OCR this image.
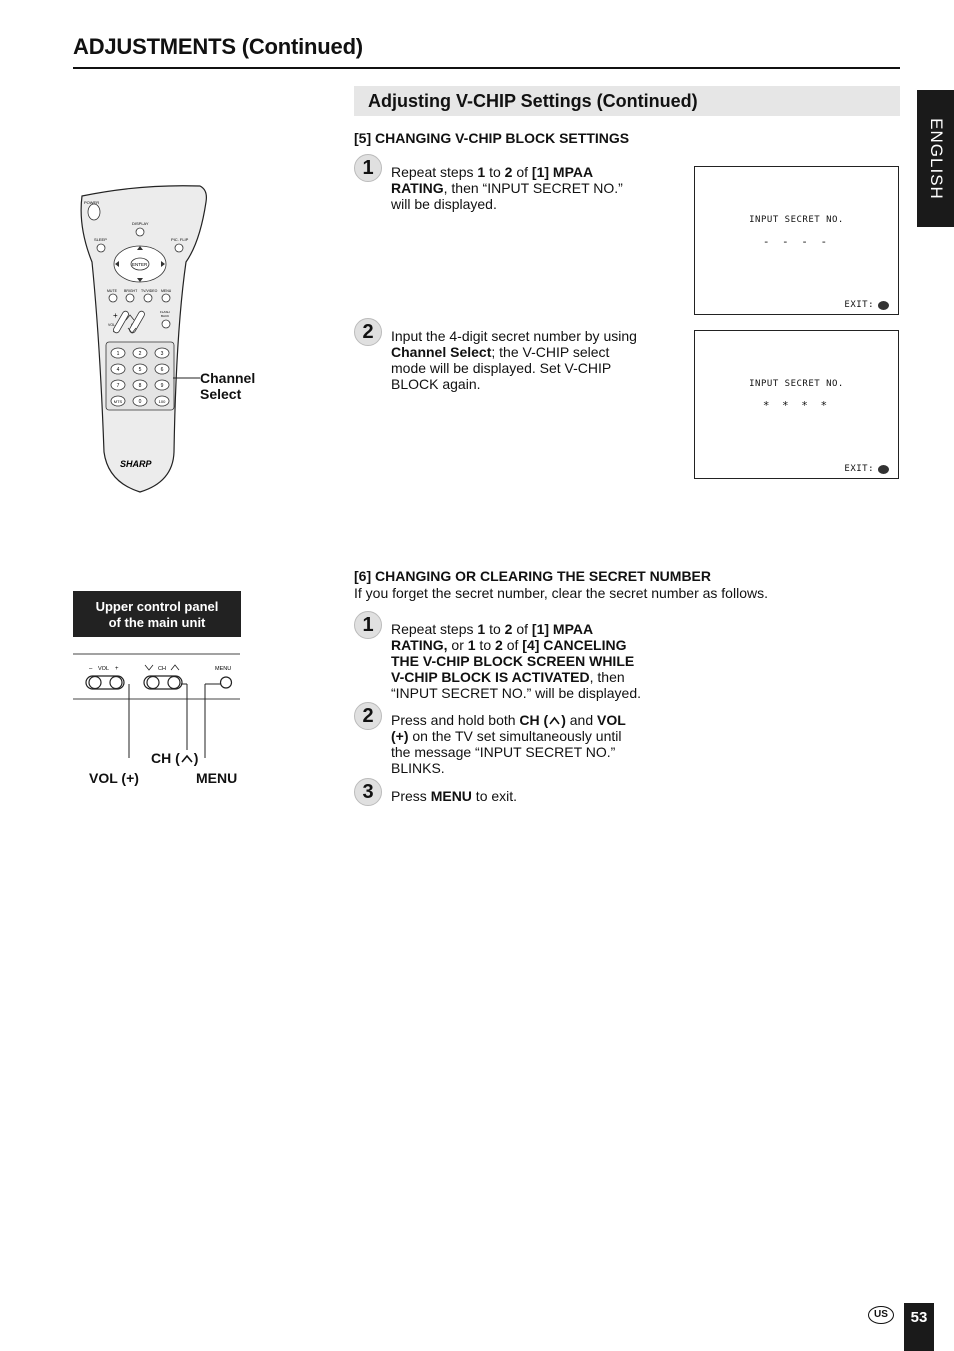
ADJUSTMENTS (Continued)
Adjusting V-CHIP Settings (Continued)
ENGLISH
POWER
DISPLAY
SLEEP	PIC. FLIP
ENTER
MUTE BRIGHT TV/VIDEO MENU
FLASH
BACK
+
VOL
1	2	3
4	5	6
7	8	9
MTS	0	100
SHARP
Channel
Select
Upper control panel
of the main unit
– VOL +	CH	MENU
CH ( )
VOL (+)	MENU
[5] CHANGING V-CHIP BLOCK SETTINGS
1	Repeat steps 1 to 2 of [1] MPAA
RATING, then “INPUT SECRET NO.”
will be displayed.
INPUT SECRET NO.
- - - -
EXIT:
2	Input the 4-digit secret number by using
Channel Select; the V-CHIP select
mode will be displayed. Set V-CHIP
BLOCK again.	INPUT SECRET NO.
* * * *
EXIT:
[6] CHANGING OR CLEARING THE SECRET NUMBER
If you forget the secret number, clear the secret number as follows.
1	Repeat steps 1 to 2 of [1] MPAA
RATING, or 1 to 2 of [4] CANCELING
THE V-CHIP BLOCK SCREEN WHILE
V-CHIP BLOCK IS ACTIVATED, then
“INPUT SECRET NO.” will be displayed.
2	Press and hold both CH ( ) and VOL
(+) on the TV set simultaneously until
the message “INPUT SECRET NO.”
BLINKS.
3	Press MENU to exit.
US	53
